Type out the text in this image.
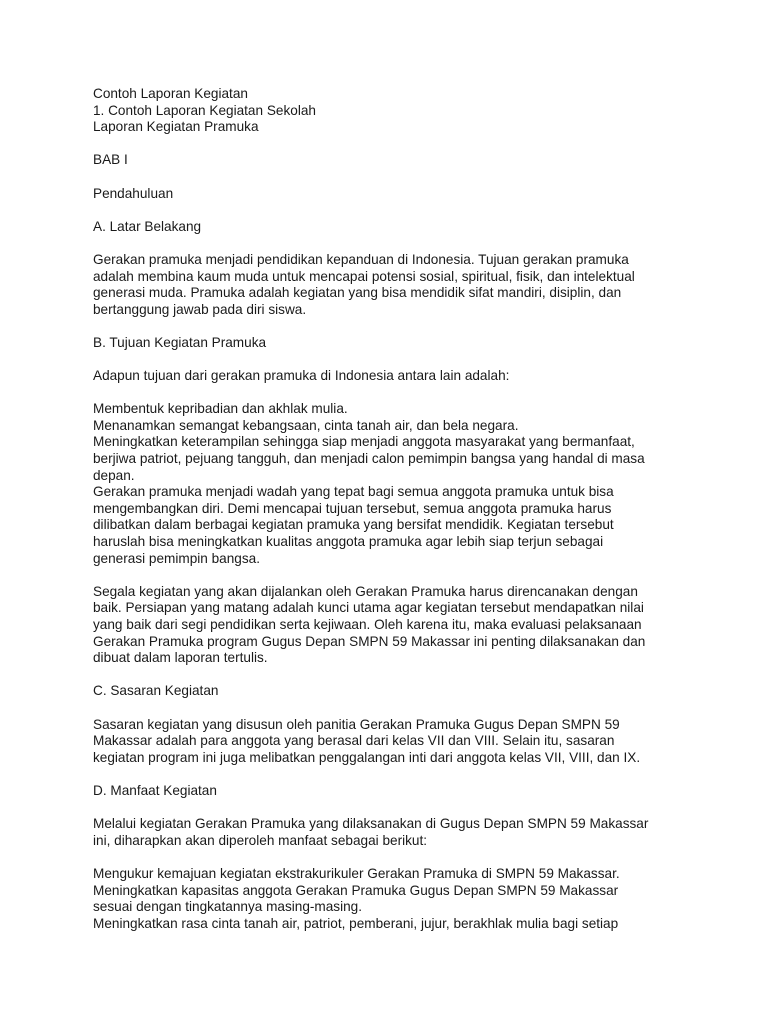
Contoh Laporan Kegiatan

1. Contoh Laporan Kegiatan Sekolah

Laporan Kegiatan Pramuka

BAB I

Pendahuluan

A. Latar Belakang

Gerakan pramuka menjadi pendidikan kepanduan di Indonesia. Tujuan gerakan pramuka

adalah membina kaum muda untuk mencapai potensi sosial, spiritual, fisik, dan intelektual

generasi muda. Pramuka adalah kegiatan yang bisa mendidik sifat mandiri, disiplin, dan

bertanggung jawab pada diri siswa.

B. Tujuan Kegiatan Pramuka

Adapun tujuan dari gerakan pramuka di Indonesia antara lain adalah:

Membentuk kepribadian dan akhlak mulia.

Menanamkan semangat kebangsaan, cinta tanah air, dan bela negara.

Meningkatkan keterampilan sehingga siap menjadi anggota masyarakat yang bermanfaat,

berjiwa patriot, pejuang tangguh, dan menjadi calon pemimpin bangsa yang handal di masa

depan.

Gerakan pramuka menjadi wadah yang tepat bagi semua anggota pramuka untuk bisa

mengembangkan diri. Demi mencapai tujuan tersebut, semua anggota pramuka harus

dilibatkan dalam berbagai kegiatan pramuka yang bersifat mendidik. Kegiatan tersebut

haruslah bisa meningkatkan kualitas anggota pramuka agar lebih siap terjun sebagai

generasi pemimpin bangsa.

Segala kegiatan yang akan dijalankan oleh Gerakan Pramuka harus direncanakan dengan

baik. Persiapan yang matang adalah kunci utama agar kegiatan tersebut mendapatkan nilai

yang baik dari segi pendidikan serta kejiwaan. Oleh karena itu, maka evaluasi pelaksanaan

Gerakan Pramuka program Gugus Depan SMPN 59 Makassar ini penting dilaksanakan dan

dibuat dalam laporan tertulis.

C. Sasaran Kegiatan

Sasaran kegiatan yang disusun oleh panitia Gerakan Pramuka Gugus Depan SMPN 59

Makassar adalah para anggota yang berasal dari kelas VII dan VIII. Selain itu, sasaran

kegiatan program ini juga melibatkan penggalangan inti dari anggota kelas VII, VIII, dan IX.

D. Manfaat Kegiatan

Melalui kegiatan Gerakan Pramuka yang dilaksanakan di Gugus Depan SMPN 59 Makassar

ini, diharapkan akan diperoleh manfaat sebagai berikut:

Mengukur kemajuan kegiatan ekstrakurikuler Gerakan Pramuka di SMPN 59 Makassar.

Meningkatkan kapasitas anggota Gerakan Pramuka Gugus Depan SMPN 59 Makassar

sesuai dengan tingkatannya masing-masing.

Meningkatkan rasa cinta tanah air, patriot, pemberani, jujur, berakhlak mulia bagi setiap
